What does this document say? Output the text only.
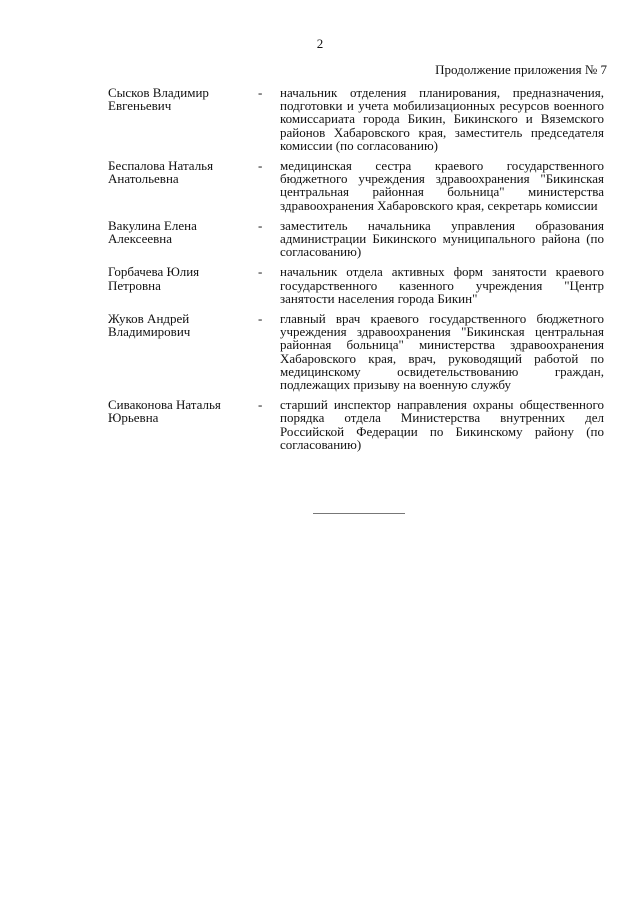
2
Продолжение приложения № 7
Сысков Владимир
Евгеньевич
-	начальник отделения планирования, предназначения, подготовки и учета мобилизационных ресурсов военного комиссариата города Бикин, Бикинского и Вяземского районов Хабаровского края, заместитель председателя комиссии (по согласованию)
Беспалова Наталья
Анатольевна
-	медицинская сестра краевого государственного бюджетного учреждения здравоохранения "Бикинская центральная районная больница" министерства здравоохранения Хабаровского края, секретарь комиссии
Вакулина Елена
Алексеевна
-	заместитель начальника управления образования администрации Бикинского муниципального района (по согласованию)
Горбачева Юлия
Петровна
-	начальник отдела активных форм занятости краевого государственного казенного учреждения "Центр занятости населения города Бикин"
Жуков Андрей
Владимирович
-	главный врач краевого государственного бюджетного учреждения здравоохранения "Бикинская центральная районная больница" министерства здравоохранения Хабаровского края, врач, руководящий работой по медицинскому освидетельствованию граждан, подлежащих призыву на военную службу
Сиваконова Наталья
Юрьевна
-	старший инспектор направления охраны общественного порядка отдела Министерства внутренних дел Российской Федерации по Бикинскому району (по согласованию)
